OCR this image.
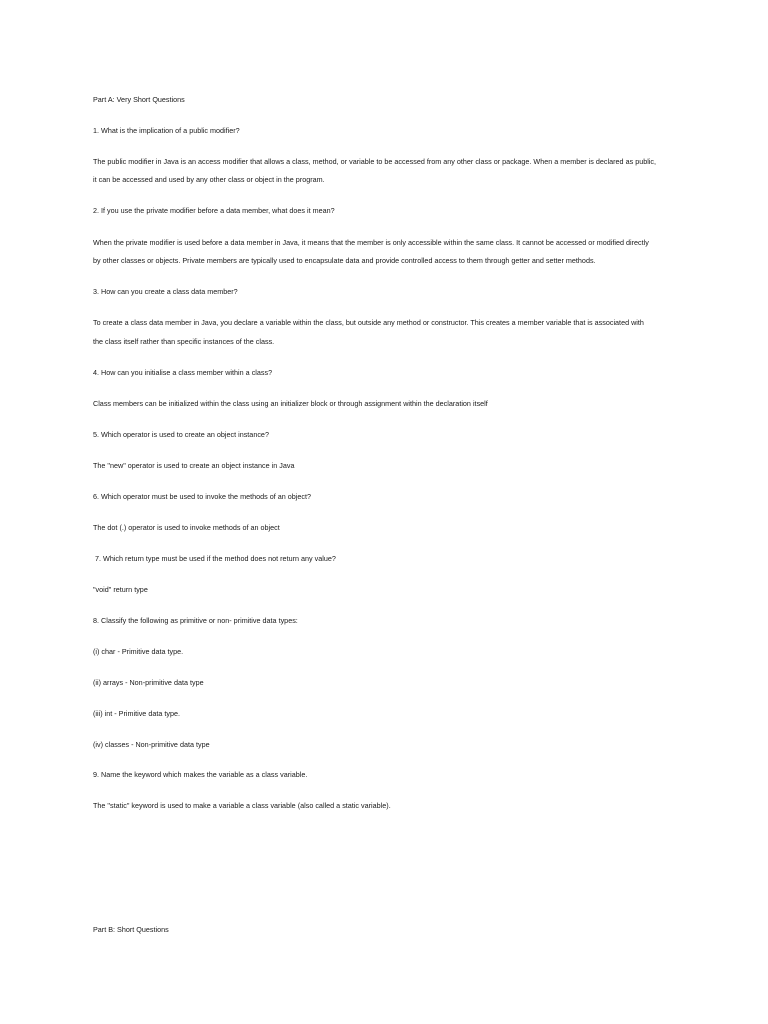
Part A: Very Short Questions
1. What is the implication of a public modifier?
The public modifier in Java is an access modifier that allows a class, method, or variable to be accessed from any other class or package. When a member is declared as public,
it can be accessed and used by any other class or object in the program.
2. If you use the private modifier before a data member, what does it mean?
When the private modifier is used before a data member in Java, it means that the member is only accessible within the same class. It cannot be accessed or modified directly
by other classes or objects. Private members are typically used to encapsulate data and provide controlled access to them through getter and setter methods.
3. How can you create a class data member?
To create a class data member in Java, you declare a variable within the class, but outside any method or constructor. This creates a member variable that is associated with
the class itself rather than specific instances of the class.
4. How can you initialise a class member within a class?
Class members can be initialized within the class using an initializer block or through assignment within the declaration itself
5. Which operator is used to create an object instance?
The "new" operator is used to create an object instance in Java
6. Which operator must be used to invoke the methods of an object?
The dot (.) operator is used to invoke methods of an object
7. Which return type must be used if the method does not return any value?
"void" return type
8. Classify the following as primitive or non- primitive data types:
(i) char - Primitive data type.
(ii) arrays - Non-primitive data type
(iii) int - Primitive data type.
(iv) classes - Non-primitive data type
9. Name the keyword which makes the variable as a class variable.
The "static" keyword is used to make a variable a class variable (also called a static variable).
Part B: Short Questions
